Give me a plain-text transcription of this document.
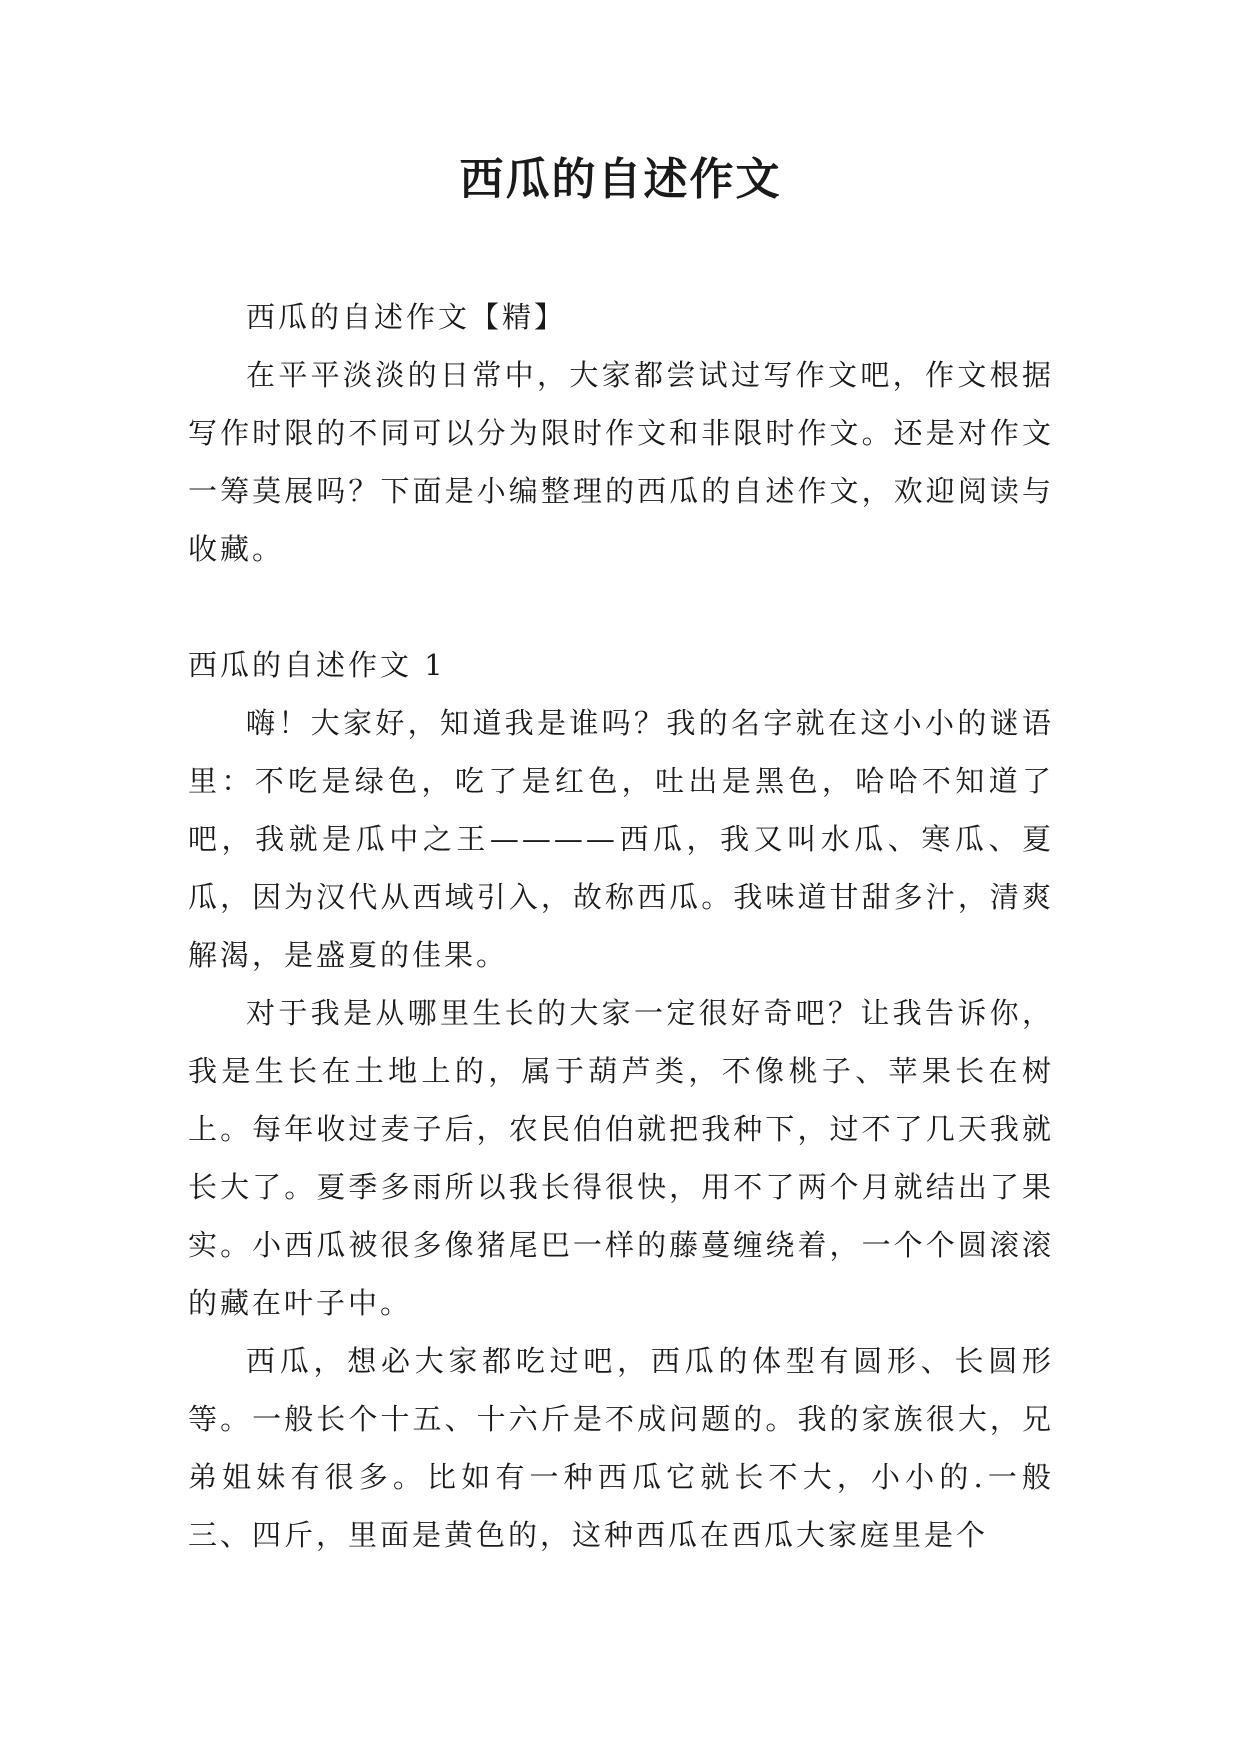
西瓜的自述作文

西瓜的自述作文【精】

在平平淡淡的日常中，大家都尝试过写作文吧，作文根据写作时限的不同可以分为限时作文和非限时作文。还是对作文一筹莫展吗？下面是小编整理的西瓜的自述作文，欢迎阅读与收藏。

西瓜的自述作文 1

嗨！大家好，知道我是谁吗？我的名字就在这小小的谜语里：不吃是绿色，吃了是红色，吐出是黑色，哈哈不知道了吧，我就是瓜中之王————西瓜，我又叫水瓜、寒瓜、夏瓜，因为汉代从西域引入，故称西瓜。我味道甘甜多汁，清爽解渴，是盛夏的佳果。

对于我是从哪里生长的大家一定很好奇吧？让我告诉你，我是生长在土地上的，属于葫芦类，不像桃子、苹果长在树上。每年收过麦子后，农民伯伯就把我种下，过不了几天我就长大了。夏季多雨所以我长得很快，用不了两个月就结出了果实。小西瓜被很多像猪尾巴一样的藤蔓缠绕着，一个个圆滚滚的藏在叶子中。

西瓜，想必大家都吃过吧，西瓜的体型有圆形、长圆形等。一般长个十五、十六斤是不成问题的。我的家族很大，兄弟姐妹有很多。比如有一种西瓜它就长不大，小小的.一般三、四斤，里面是黄色的，这种西瓜在西瓜大家庭里是个
